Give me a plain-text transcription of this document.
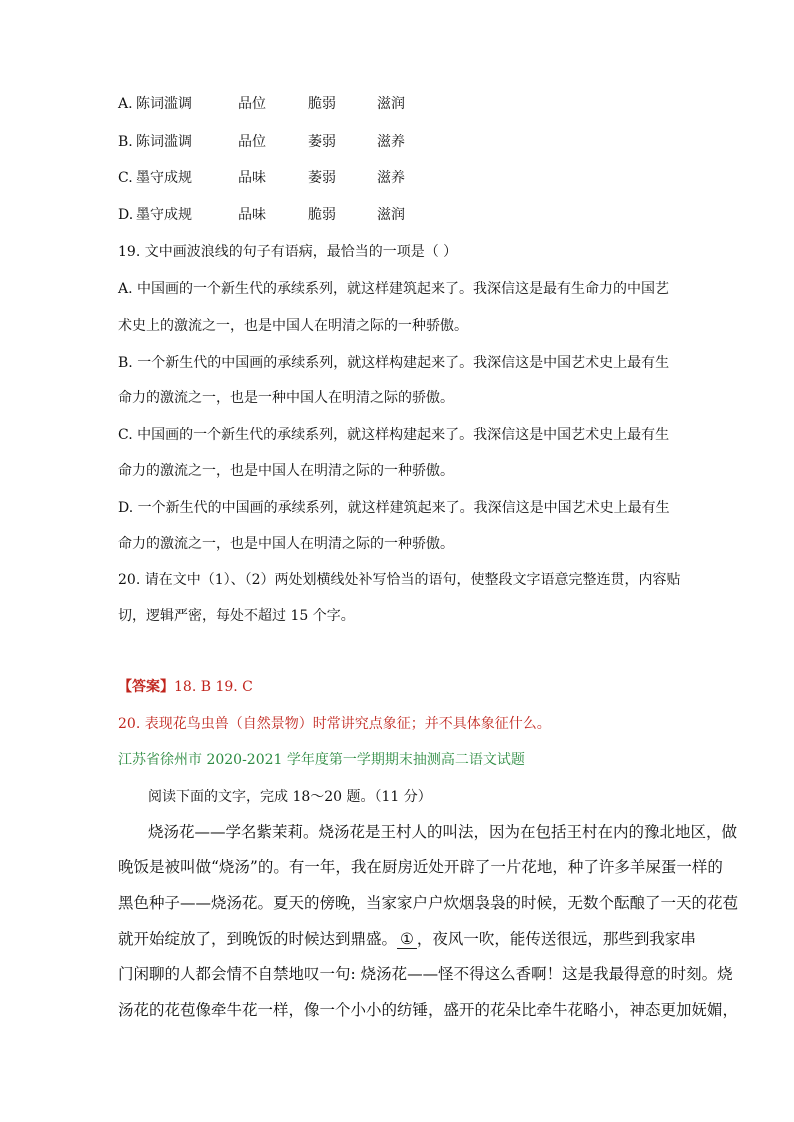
A. 陈词滥调	品位	脆弱	滋润
B. 陈词滥调	品位	萎弱	滋养
C. 墨守成规	品味	萎弱	滋养
D. 墨守成规	品味	脆弱	滋润
19. 文中画波浪线的句子有语病，最恰当的一项是（ ）
A. 中国画的一个新生代的承续系列，就这样建筑起来了。我深信这是最有生命力的中国艺
术史上的激流之一，也是中国人在明清之际的一种骄傲。
B. 一个新生代的中国画的承续系列，就这样构建起来了。我深信这是中国艺术史上最有生
命力的激流之一，也是一种中国人在明清之际的骄傲。
C. 中国画的一个新生代的承续系列，就这样构建起来了。我深信这是中国艺术史上最有生
命力的激流之一，也是中国人在明清之际的一种骄傲。
D. 一个新生代的中国画的承续系列，就这样建筑起来了。我深信这是中国艺术史上最有生
命力的激流之一，也是中国人在明清之际的一种骄傲。
20. 请在文中（1）、（2）两处划横线处补写恰当的语句，使整段文字语意完整连贯，内容贴
切，逻辑严密，每处不超过 15 个字。
【答案】18. B 19. C
20. 表现花鸟虫兽（自然景物）时常讲究点象征；并不具体象征什么。
江苏省徐州市 2020-2021 学年度第一学期期末抽测高二语文试题
阅读下面的文字，完成 18～20 题。（11 分）
烧汤花——学名紫茉莉。烧汤花是王村人的叫法，因为在包括王村在内的豫北地区，做
晚饭是被叫做“烧汤”的。有一年，我在厨房近处开辟了一片花地，种了许多羊屎蛋一样的
黑色种子——烧汤花。夏天的傍晚，当家家户户炊烟袅袅的时候，无数个酝酿了一天的花苞
就开始绽放了，到晚饭的时候达到鼎盛。 ① ，夜风一吹，能传送很远，那些到我家串
门闲聊的人都会情不自禁地叹一句: 烧汤花——怪不得这么香啊！这是我最得意的时刻。烧
汤花的花苞像牵牛花一样，像一个小小的纺锤，盛开的花朵比牵牛花略小，神态更加妩媚，
